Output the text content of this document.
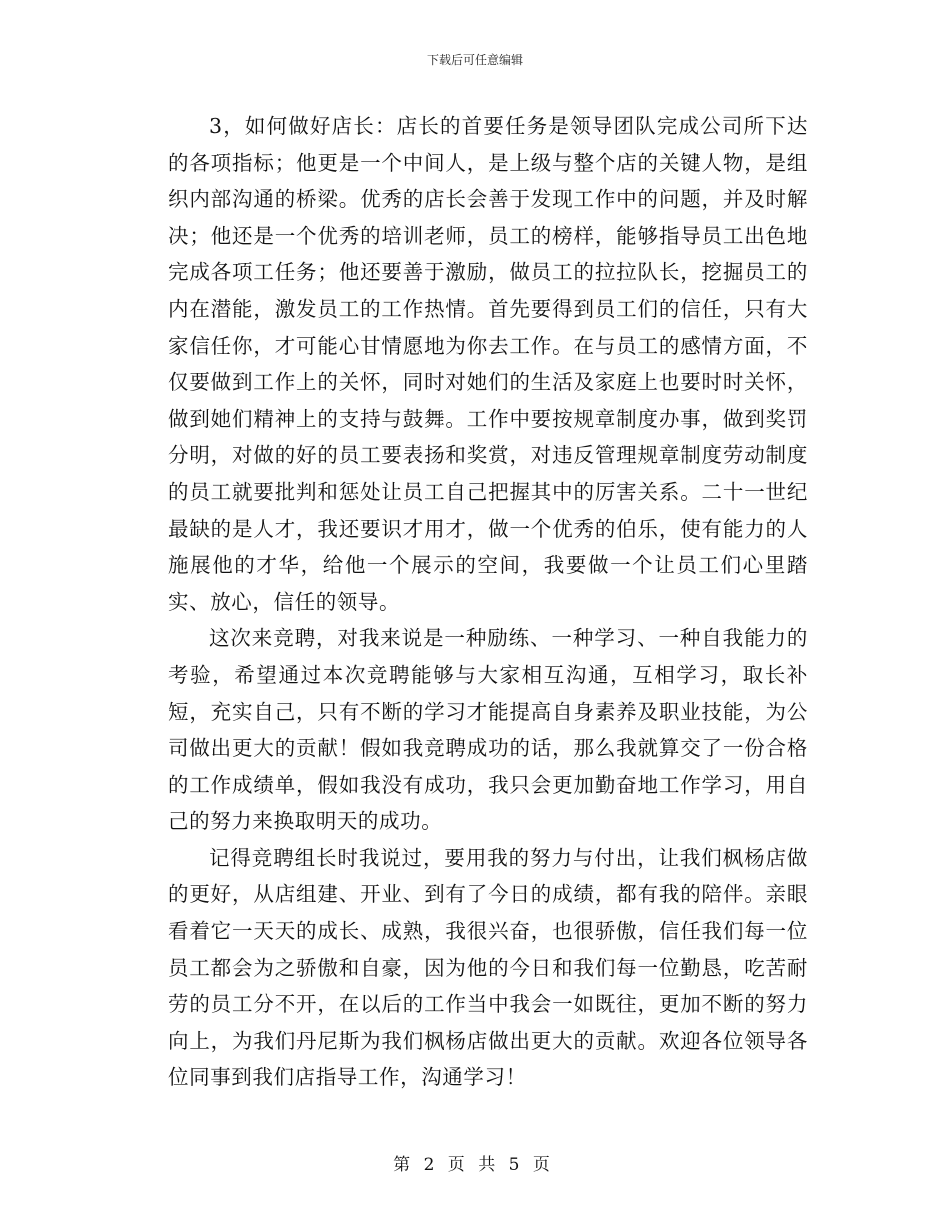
下载后可任意编辑

3，如何做好店长：店长的首要任务是领导团队完成公司所下达的各项指标；他更是一个中间人，是上级与整个店的关键人物，是组织内部沟通的桥梁。优秀的店长会善于发现工作中的问题，并及时解决；他还是一个优秀的培训老师，员工的榜样，能够指导员工出色地完成各项工任务；他还要善于激励，做员工的拉拉队长，挖掘员工的内在潜能，激发员工的工作热情。首先要得到员工们的信任，只有大家信任你，才可能心甘情愿地为你去工作。在与员工的感情方面，不仅要做到工作上的关怀，同时对她们的生活及家庭上也要时时关怀，做到她们精神上的支持与鼓舞。工作中要按规章制度办事，做到奖罚分明，对做的好的员工要表扬和奖赏，对违反管理规章制度劳动制度的员工就要批判和惩处让员工自己把握其中的厉害关系。二十一世纪最缺的是人才，我还要识才用才，做一个优秀的伯乐，使有能力的人施展他的才华，给他一个展示的空间，我要做一个让员工们心里踏实、放心，信任的领导。

这次来竞聘，对我来说是一种励练、一种学习、一种自我能力的考验，希望通过本次竞聘能够与大家相互沟通，互相学习，取长补短，充实自己，只有不断的学习才能提高自身素养及职业技能，为公司做出更大的贡献！假如我竞聘成功的话，那么我就算交了一份合格的工作成绩单，假如我没有成功，我只会更加勤奋地工作学习，用自己的努力来换取明天的成功。

记得竞聘组长时我说过，要用我的努力与付出，让我们枫杨店做的更好，从店组建、开业、到有了今日的成绩，都有我的陪伴。亲眼看着它一天天的成长、成熟，我很兴奋，也很骄傲，信任我们每一位员工都会为之骄傲和自豪，因为他的今日和我们每一位勤恳，吃苦耐劳的员工分不开，在以后的工作当中我会一如既往，更加不断的努力向上，为我们丹尼斯为我们枫杨店做出更大的贡献。欢迎各位领导各位同事到我们店指导工作，沟通学习！

第 2 页 共 5 页
